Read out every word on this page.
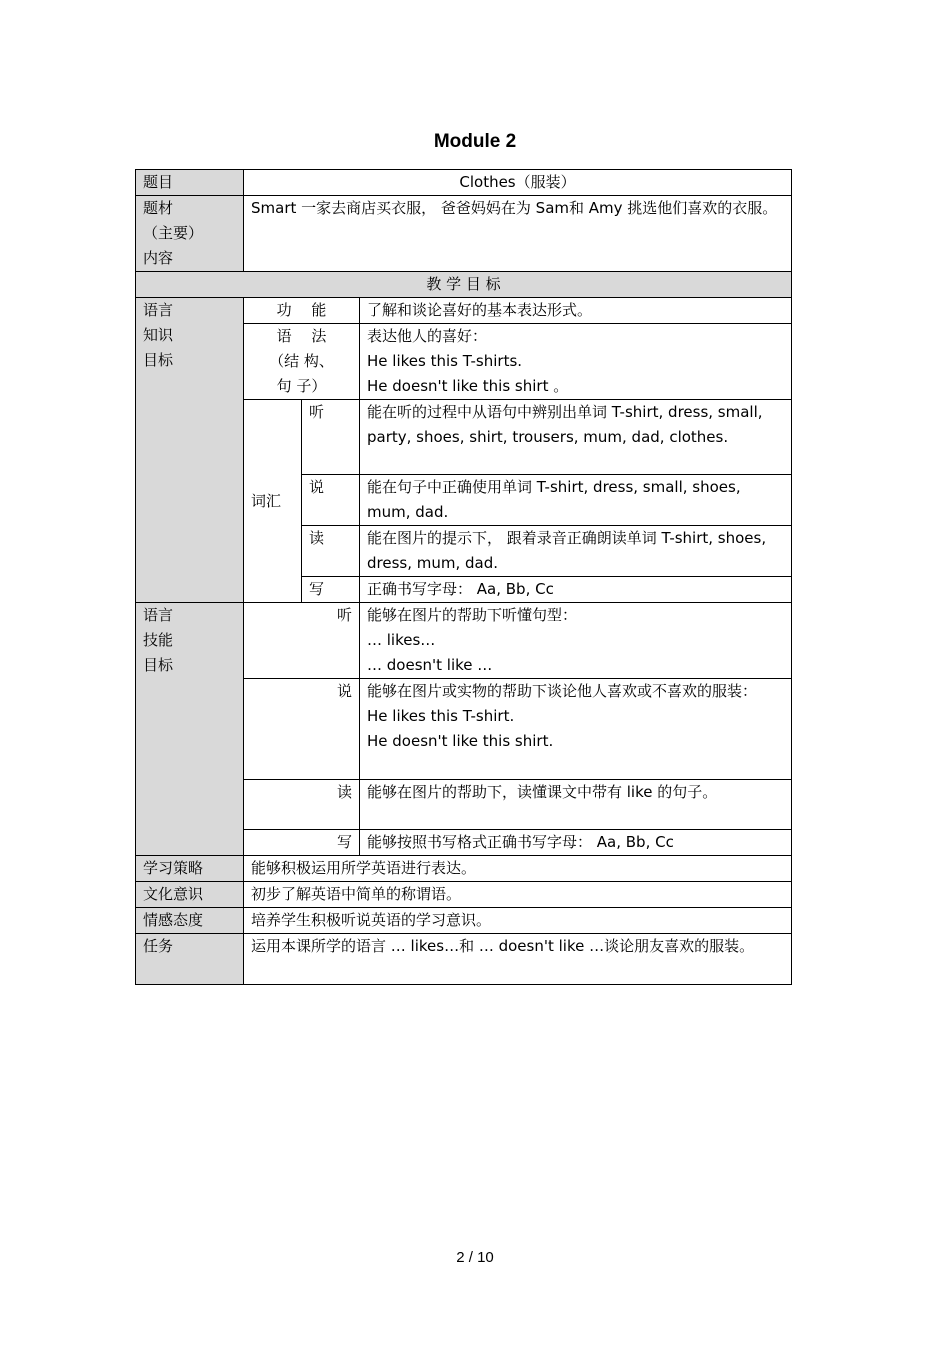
Module 2
题目	Clothes（服装）		

题材
（主要）
内容	Smart 一家去商店买衣服， 爸爸妈妈在为 Sam和 Amy 挑选他们喜欢的衣服。		
教 学 目 标			

语言
知识
目标	功　 能		了解和谈论喜好的基本表达形式。

	语　 法
（结 构、
句 子）		表达他人的喜好：
He likes this T-shirts.
He doesn't like this shirt 。

	词汇	听	能在听的过程中从语句中辨别出单词 T-shirt, dress, small, party, shoes, shirt, trousers, mum, dad, clothes.
		说	能在句子中正确使用单词 T-shirt, dress, small, shoes, mum, dad.
		读	能在图片的提示下， 跟着录音正确朗读单词 T-shirt, shoes, dress, mum, dad.
		写	正确书写字母： Aa, Bb, Cc

语言
技能
目标	听		能够在图片的帮助下听懂句型：
… likes…
… doesn't like …

	说		能够在图片或实物的帮助下谈论他人喜欢或不喜欢的服装：
He likes this T-shirt.
He doesn't like this shirt.

	读		能够在图片的帮助下，读懂课文中带有 like 的句子。
	写		能够按照书写格式正确书写字母： Aa, Bb, Cc
学习策略	能够积极运用所学英语进行表达。		
文化意识	初步了解英语中简单的称谓语。		
情感态度	培养学生积极听说英语的学习意识。		
任务	运用本课所学的语言 … likes…和 … doesn't like …谈论朋友喜欢的服装。		
2 / 10
